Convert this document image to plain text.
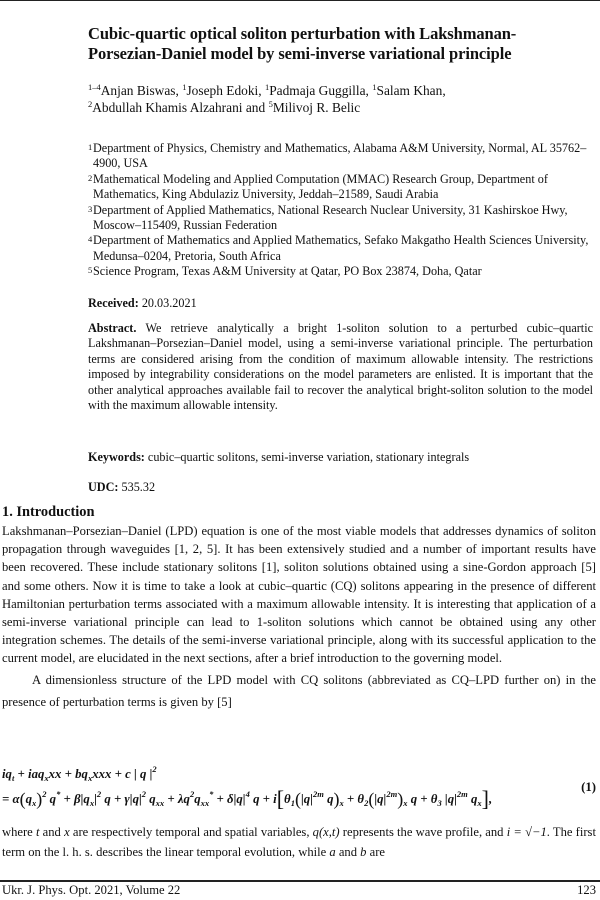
Cubic-quartic optical soliton perturbation with Lakshmanan-Porsezian-Daniel model by semi-inverse variational principle
$^{1-4}$Anjan Biswas, $^1$Joseph Edoki, $^1$Padmaja Guggilla, $^1$Salam Khan,
$^2$Abdullah Khamis Alzahrani and $^5$Milivoj R. Belic
1 Department of Physics, Chemistry and Mathematics, Alabama A&M University, Normal, AL 35762–4900, USA
2 Mathematical Modeling and Applied Computation (MMAC) Research Group, Department of Mathematics, King Abdulaziz University, Jeddah–21589, Saudi Arabia
3 Department of Applied Mathematics, National Research Nuclear University, 31 Kashirskoe Hwy, Moscow–115409, Russian Federation
4 Department of Mathematics and Applied Mathematics, Sefako Makgatho Health Sciences University, Medunsa–0204, Pretoria, South Africa
5 Science Program, Texas A&M University at Qatar, PO Box 23874, Doha, Qatar
Received: 20.03.2021
Abstract. We retrieve analytically a bright 1-soliton solution to a perturbed cubic–quartic Lakshmanan–Porsezian–Daniel model, using a semi-inverse variational principle. The perturbation terms are considered arising from the condition of maximum allowable intensity. The restrictions imposed by integrability considerations on the model parameters are enlisted. It is important that the other analytical approaches available fail to recover the analytical bright-soliton solution to the model with the maximum allowable intensity.
Keywords: cubic–quartic solitons, semi-inverse variation, stationary integrals
UDC: 535.32
1. Introduction

Lakshmanan–Porsezian–Daniel (LPD) equation is one of the most viable models that addresses dynamics of soliton propagation through waveguides [1, 2, 5]. It has been extensively studied and a number of important results have been recovered. These include stationary solitons [1], soliton solutions obtained using a sine-Gordon approach [5] and some others. Now it is time to take a look at cubic–quartic (CQ) solitons appearing in the presence of different Hamiltonian perturbation terms associated with a maximum allowable intensity. It is interesting that application of a semi-inverse variational principle can lead to 1-soliton solutions which cannot be obtained using any other integration schemes. The details of the semi-inverse variational principle, along with its successful application to the current model, are elucidated in the next sections, after a brief introduction to the governing model.

A dimensionless structure of the LPD model with CQ solitons (abbreviated as CQ–LPD further on) in the presence of perturbation terms is given by [5]

$iq_t + iaq_xxx + bq_xxxx + c$ | q $|^2$
= $\alpha(q_x)^2$ $q^* + \beta|q_x|^2$ $q + \gamma|q|^2$ $q_{xx} + \lambda q^2q_{xx}^* + \delta|q|^4$ $q + i[\theta_1(|q|^{2m}$ $q)_x + \theta_2(|q|^{2m})_x$ $q + \theta_3$ $|q|^{2m}$ $q_x$],
(1)

where t and x are respectively temporal and spatial variables, q(x,t) represents the wave profile, and i = √−1. The first term on the l. h. s. describes the linear temporal evolution, while a and b are

Ukr. J. Phys. Opt. 2021, Volume 22	123
